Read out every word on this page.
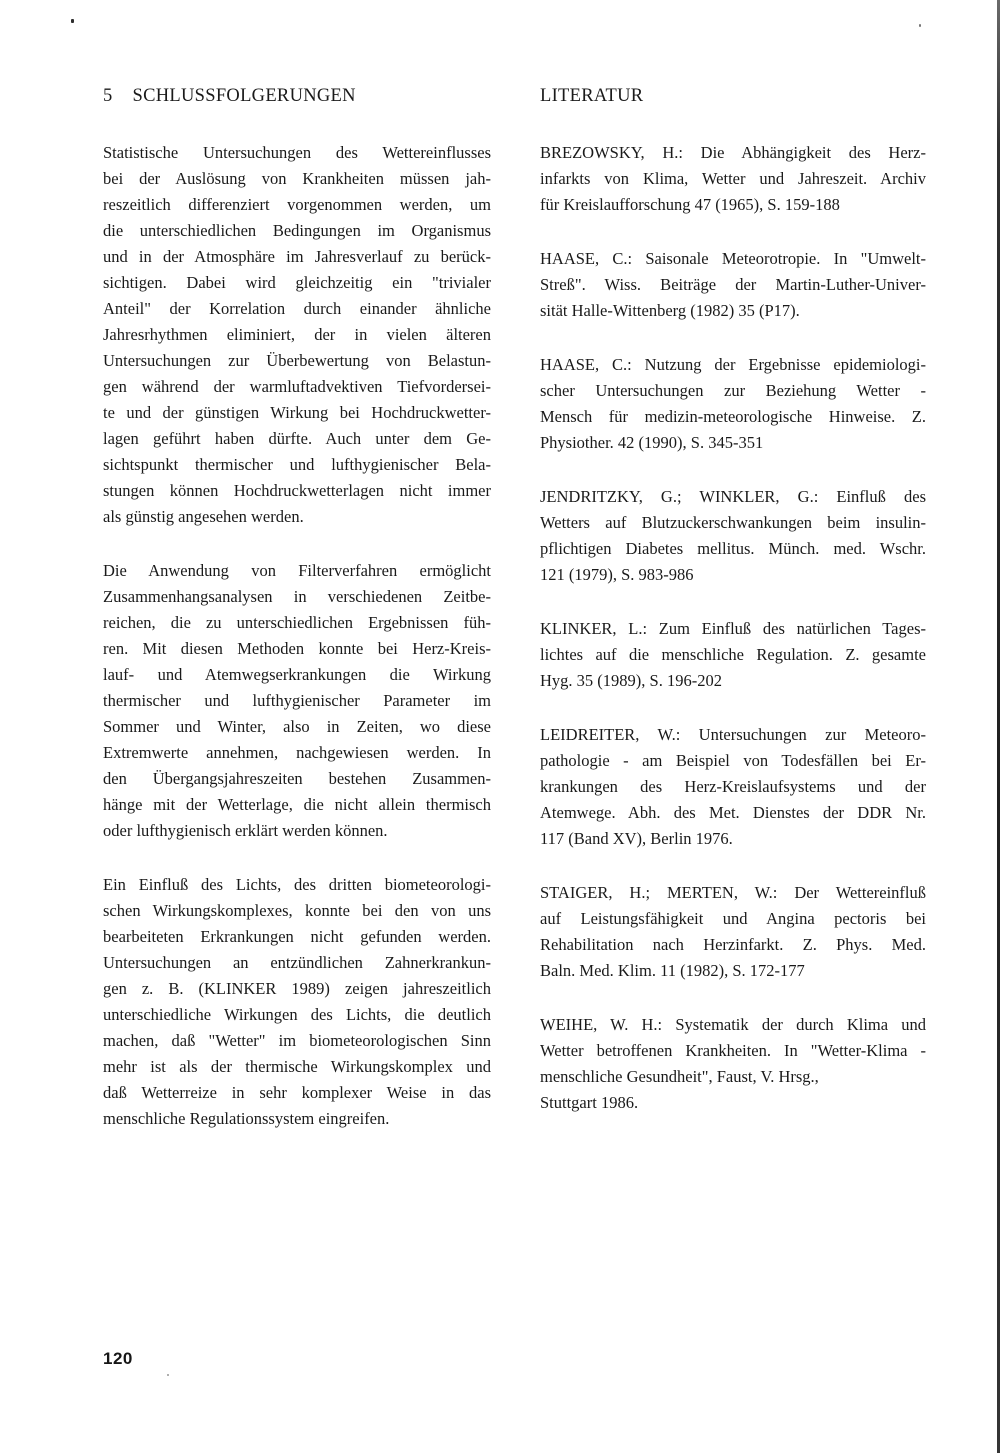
5 SCHLUSSFOLGERUNGEN
Statistische Untersuchungen des Wettereinflusses
bei der Auslösung von Krankheiten müssen jah-
reszeitlich differenziert vorgenommen werden, um
die unterschiedlichen Bedingungen im Organismus
und in der Atmosphäre im Jahresverlauf zu berück-
sichtigen. Dabei wird gleichzeitig ein "trivialer
Anteil" der Korrelation durch einander ähnliche
Jahresrhythmen eliminiert, der in vielen älteren
Untersuchungen zur Überbewertung von Belastun-
gen während der warmluftadvektiven Tiefvordersei-
te und der günstigen Wirkung bei Hochdruckwetter-
lagen geführt haben dürfte. Auch unter dem Ge-
sichtspunkt thermischer und lufthygienischer Bela-
stungen können Hochdruckwetterlagen nicht immer
als günstig angesehen werden.
Die Anwendung von Filterverfahren ermöglicht
Zusammenhangsanalysen in verschiedenen Zeitbe-
reichen, die zu unterschiedlichen Ergebnissen füh-
ren. Mit diesen Methoden konnte bei Herz-Kreis-
lauf- und Atemwegserkrankungen die Wirkung
thermischer und lufthygienischer Parameter im
Sommer und Winter, also in Zeiten, wo diese
Extremwerte annehmen, nachgewiesen werden. In
den Übergangsjahreszeiten bestehen Zusammen-
hänge mit der Wetterlage, die nicht allein thermisch
oder lufthygienisch erklärt werden können.
Ein Einfluß des Lichts, des dritten biometeorologi-
schen Wirkungskomplexes, konnte bei den von uns
bearbeiteten Erkrankungen nicht gefunden werden.
Untersuchungen an entzündlichen Zahnerkrankun-
gen z. B. (KLINKER 1989) zeigen jahreszeitlich
unterschiedliche Wirkungen des Lichts, die deutlich
machen, daß "Wetter" im biometeorologischen Sinn
mehr ist als der thermische Wirkungskomplex und
daß Wetterreize in sehr komplexer Weise in das
menschliche Regulationssystem eingreifen.
LITERATUR
BREZOWSKY, H.: Die Abhängigkeit des Herz-
infarkts von Klima, Wetter und Jahreszeit. Archiv
für Kreislaufforschung 47 (1965), S. 159-188
HAASE, C.: Saisonale Meteorotropie. In "Umwelt-
Streß". Wiss. Beiträge der Martin-Luther-Univer-
sität Halle-Wittenberg (1982) 35 (P17).
HAASE, C.: Nutzung der Ergebnisse epidemiologi-
scher Untersuchungen zur Beziehung Wetter -
Mensch für medizin-meteorologische Hinweise. Z.
Physiother. 42 (1990), S. 345-351
JENDRITZKY, G.; WINKLER, G.: Einfluß des
Wetters auf Blutzuckerschwankungen beim insulin-
pflichtigen Diabetes mellitus. Münch. med. Wschr.
121 (1979), S. 983-986
KLINKER, L.: Zum Einfluß des natürlichen Tages-
lichtes auf die menschliche Regulation. Z. gesamte
Hyg. 35 (1989), S. 196-202
LEIDREITER, W.: Untersuchungen zur Meteoro-
pathologie - am Beispiel von Todesfällen bei Er-
krankungen des Herz-Kreislaufsystems und der
Atemwege. Abh. des Met. Dienstes der DDR Nr.
117 (Band XV), Berlin 1976.
STAIGER, H.; MERTEN, W.: Der Wettereinfluß
auf Leistungsfähigkeit und Angina pectoris bei
Rehabilitation nach Herzinfarkt. Z. Phys. Med.
Baln. Med. Klim. 11 (1982), S. 172-177
WEIHE, W. H.: Systematik der durch Klima und
Wetter betroffenen Krankheiten. In "Wetter-Klima -
menschliche Gesundheit", Faust, V. Hrsg.,
Stuttgart 1986.
120
